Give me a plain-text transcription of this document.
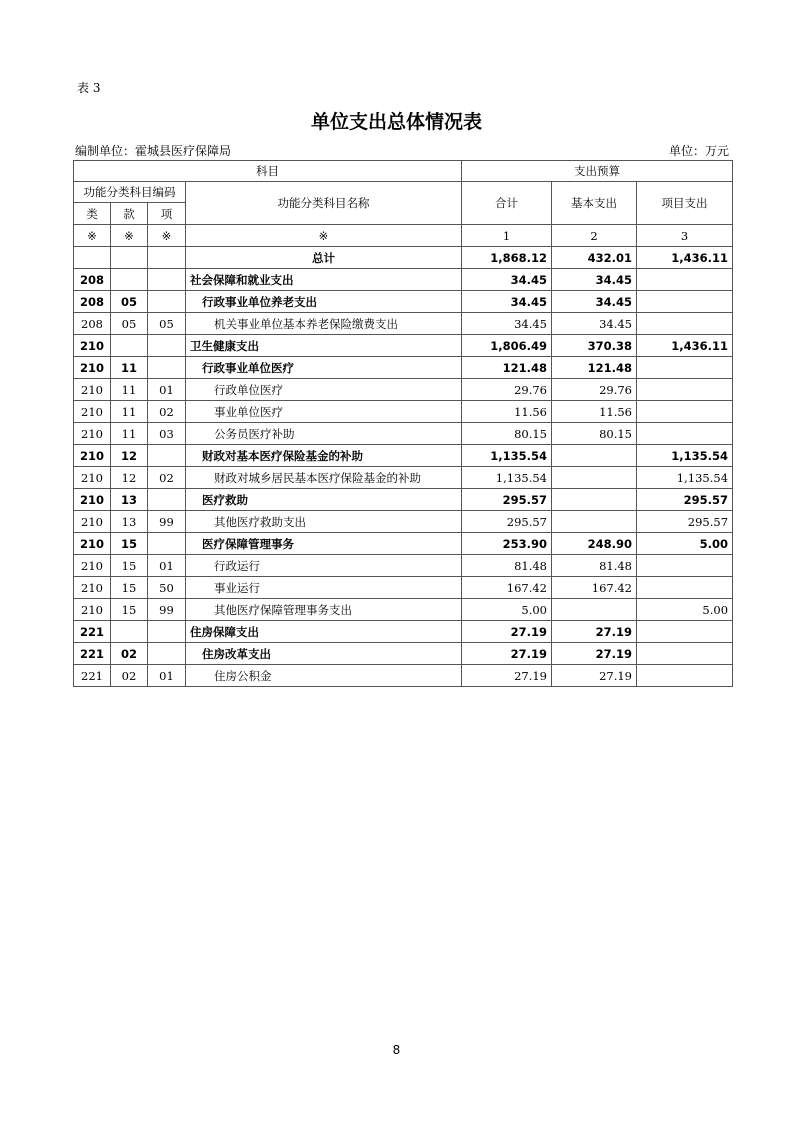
表 3
单位支出总体情况表
编制单位：霍城县医疗保障局	单位：万元
科目				支出预算		
功能分类科目编码			功能分类科目名称	合计	基本支出	项目支出
类	款	项				
※	※	※	※	1	2	3
			总计	1,868.12	432.01	1,436.11
208			社会保障和就业支出	34.45	34.45	
208	05		行政事业单位养老支出	34.45	34.45	
208	05	05	机关事业单位基本养老保险缴费支出	34.45	34.45	
210			卫生健康支出	1,806.49	370.38	1,436.11
210	11		行政事业单位医疗	121.48	121.48	
210	11	01	行政单位医疗	29.76	29.76	
210	11	02	事业单位医疗	11.56	11.56	
210	11	03	公务员医疗补助	80.15	80.15	
210	12		财政对基本医疗保险基金的补助	1,135.54		1,135.54
210	12	02	财政对城乡居民基本医疗保险基金的补助	1,135.54		1,135.54
210	13		医疗救助	295.57		295.57
210	13	99	其他医疗救助支出	295.57		295.57
210	15		医疗保障管理事务	253.90	248.90	5.00
210	15	01	行政运行	81.48	81.48	
210	15	50	事业运行	167.42	167.42	
210	15	99	其他医疗保障管理事务支出	5.00		5.00
221			住房保障支出	27.19	27.19	
221	02		住房改革支出	27.19	27.19	
221	02	01	住房公积金	27.19	27.19	
8
